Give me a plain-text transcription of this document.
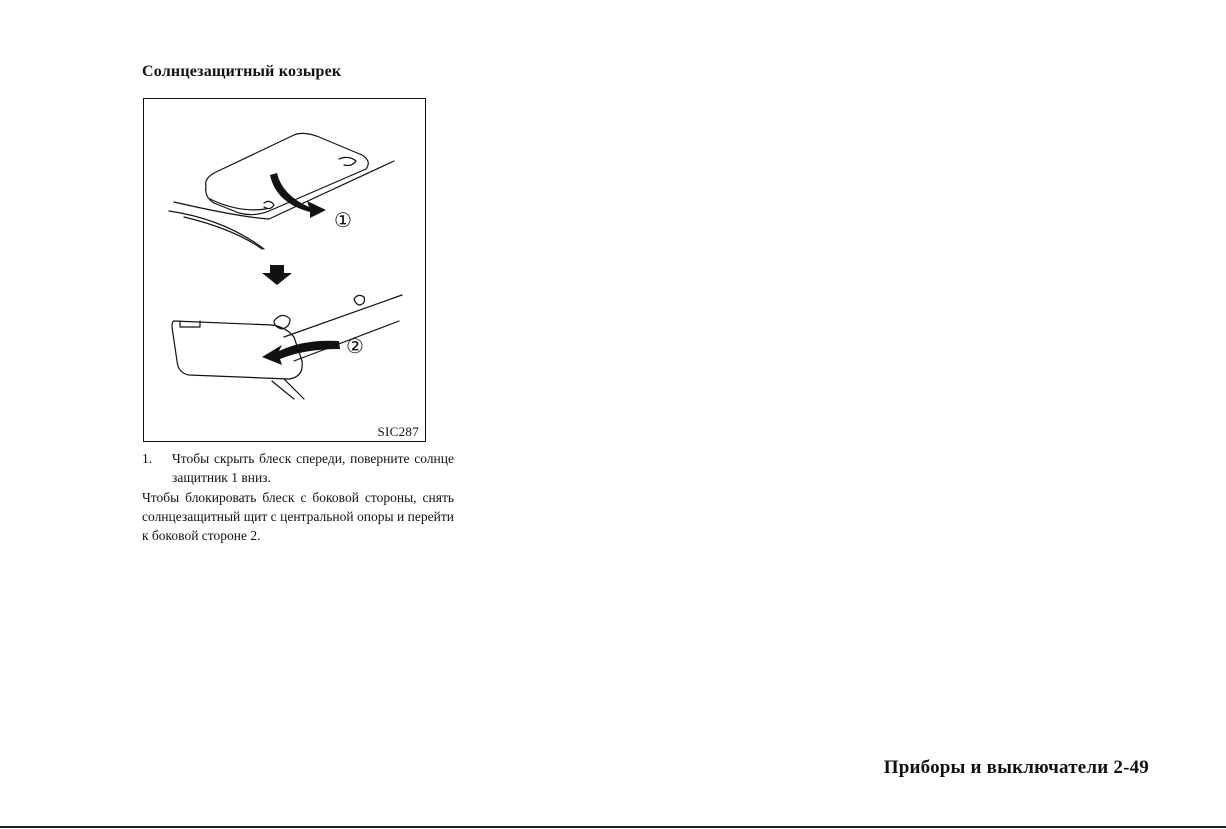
Солнцезащитный козырек
①
②
SIC287
1. Чтобы скрыть блеск спереди, поверните солнце защитник 1 вниз.
Чтобы блокировать блеск с боковой стороны, снять солнцезащитный щит с центральной опоры и перейти к боковой стороне 2.
Приборы и выключатели 2-49
